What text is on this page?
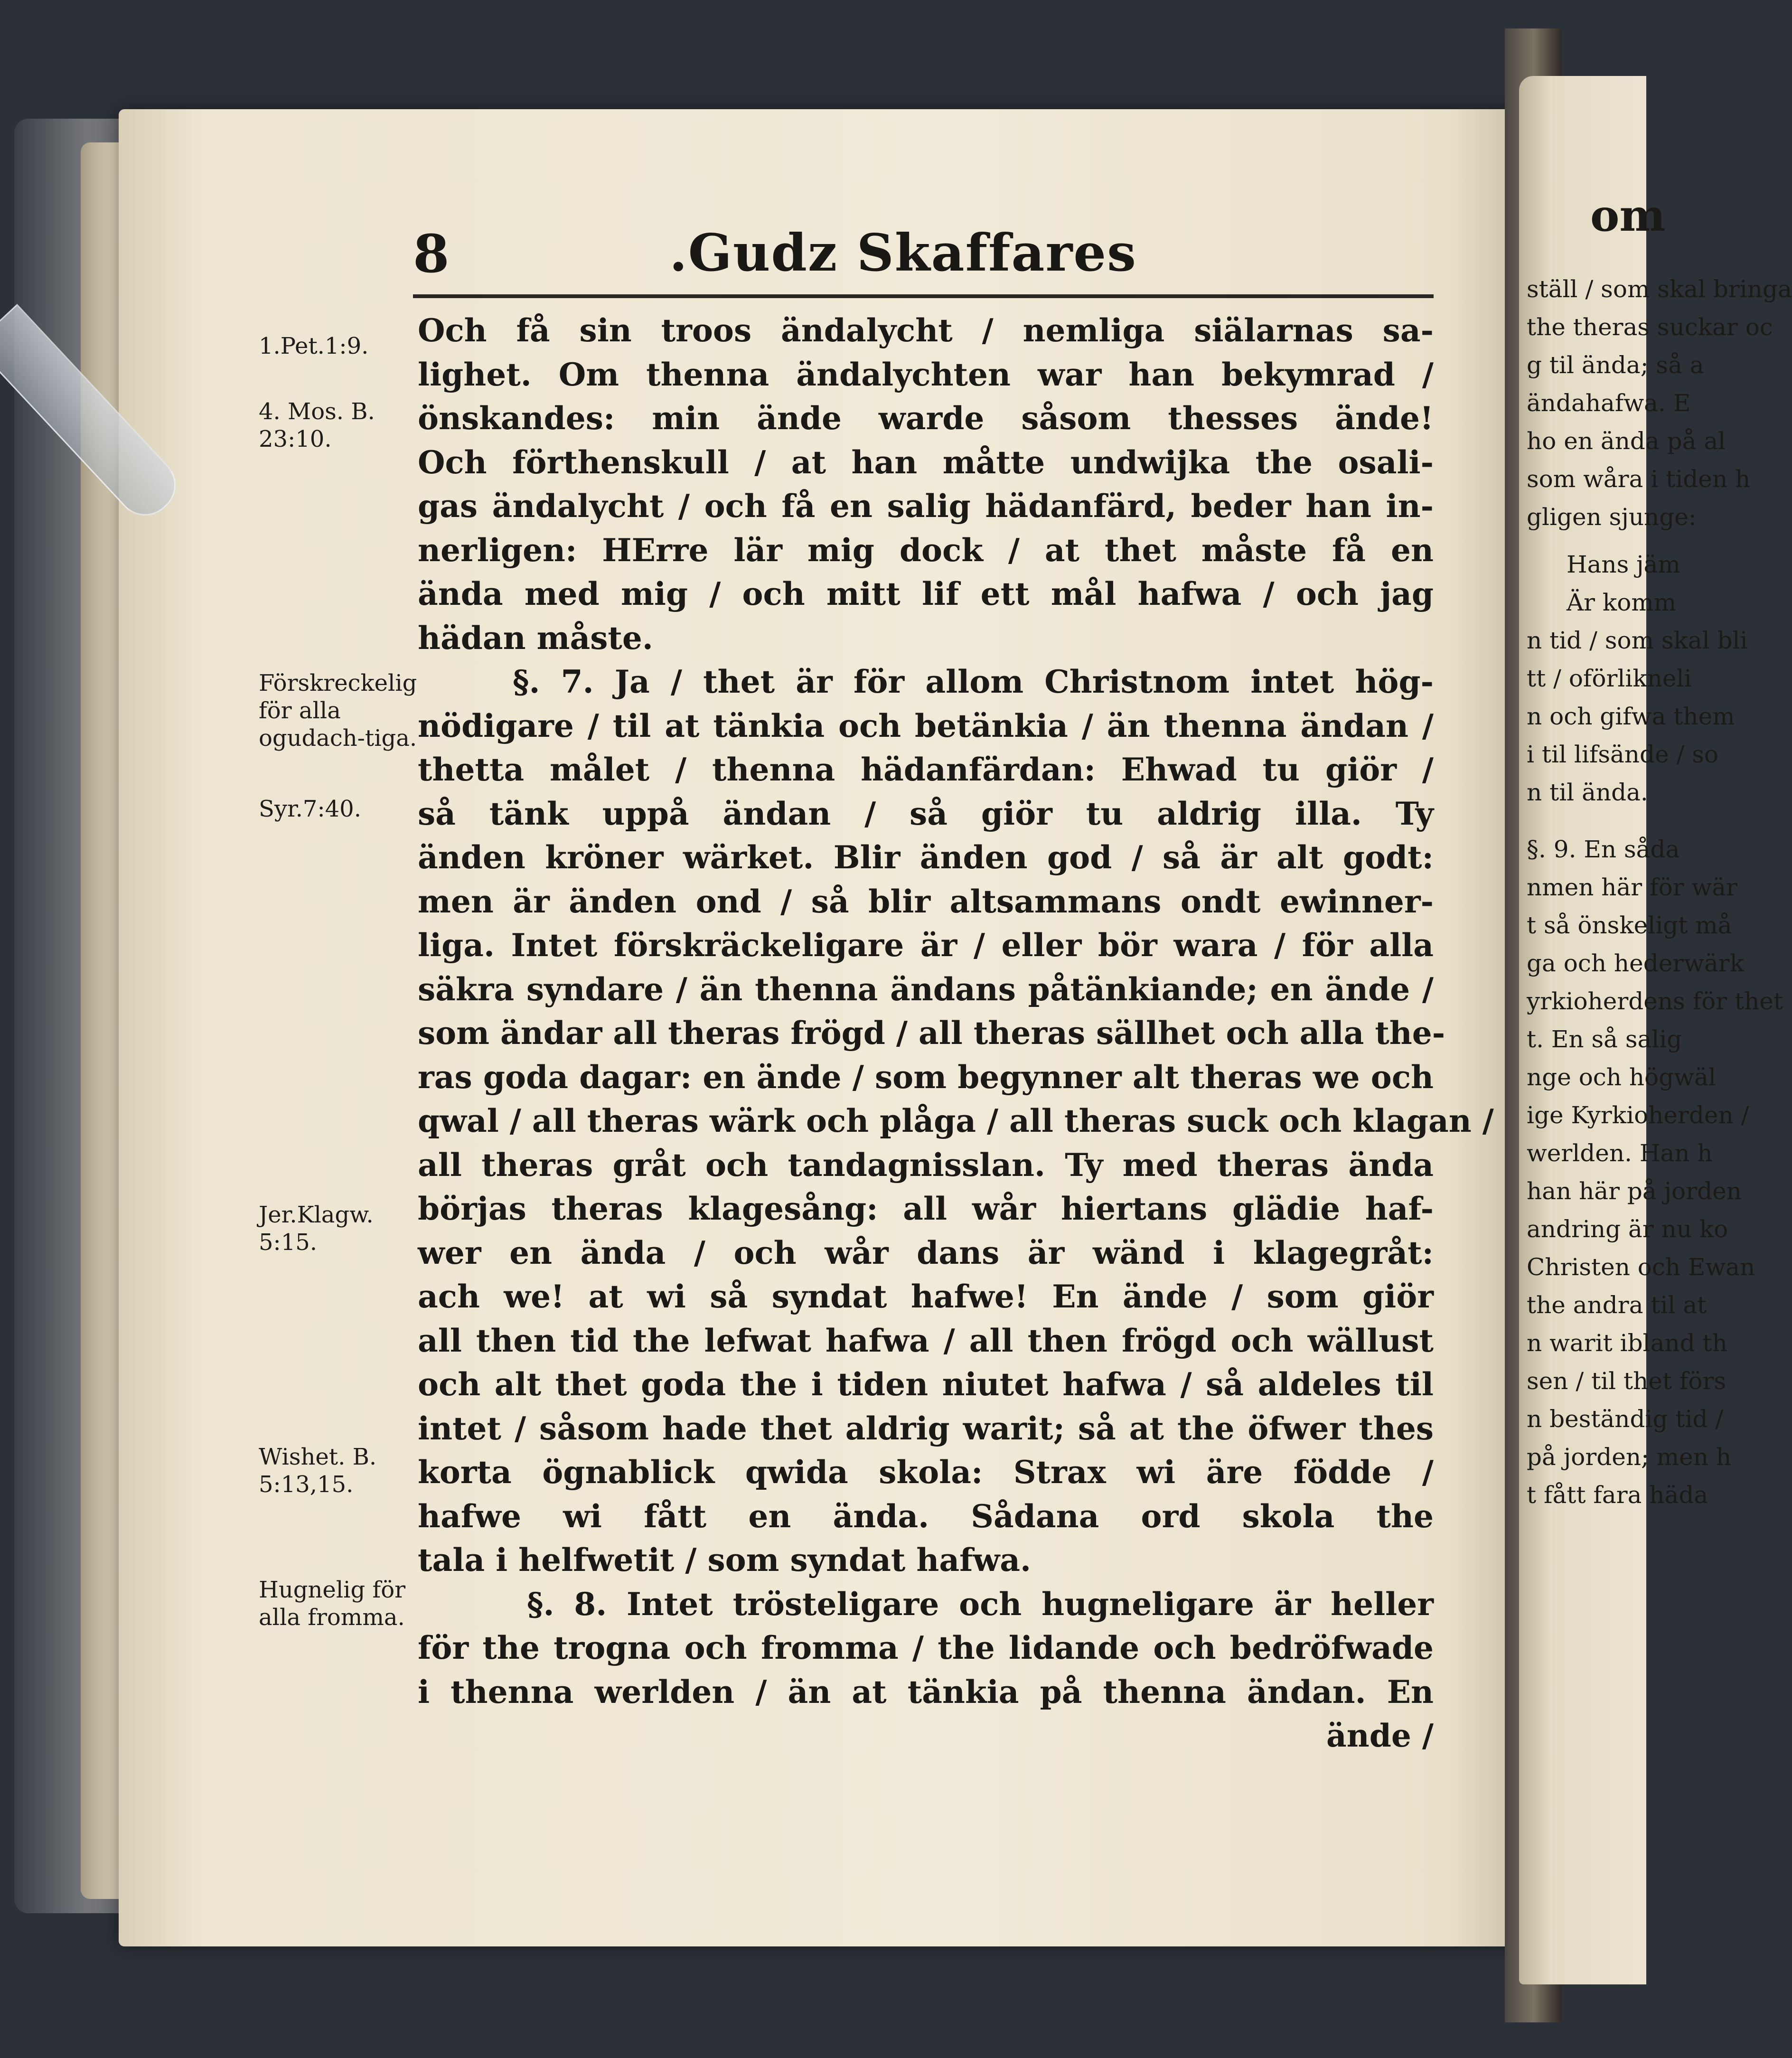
8	.Gudz Skaffares
1.Pet.1:9.
4. Mos. B.
23:10.
Förskreckelig för alla ogudach-tiga.
Syr.7:40.
Jer.Klagw.
5:15.
Wishet. B.
5:13,15.
Hugnelig för alla fromma.
Och få sin troos ändalycht / nemliga siälarnas sa-
lighet. Om thenna ändalychten war han bekymrad /
önskandes: min ände warde såsom thesses ände!
Och förthenskull / at han måtte undwijka the osali-
gas ändalycht / och få en salig hädanfärd, beder han in-
nerligen: HErre lär mig dock / at thet måste få en
ända med mig / och mitt lif ett mål hafwa / och jag
hädan måste.
§. 7. Ja / thet är för allom Christnom intet hög-
nödigare / til at tänkia och betänkia / än thenna ändan /
thetta målet / thenna hädanfärdan: Ehwad tu giör /
så tänk uppå ändan / så giör tu aldrig illa. Ty
änden kröner wärket. Blir änden god / så är alt godt:
men är änden ond / så blir altsammans ondt ewinner-
liga. Intet förskräckeligare är / eller bör wara / för alla
säkra syndare / än thenna ändans påtänkiande; en ände /
som ändar all theras frögd / all theras sällhet och alla the-
ras goda dagar: en ände / som begynner alt theras we och
qwal / all theras wärk och plåga / all theras suck och klagan /
all theras gråt och tandagnisslan. Ty med theras ända
börjas theras klagesång: all wår hiertans glädie haf-
wer en ända / och wår dans är wänd i klagegråt:
ach we! at wi så syndat hafwe! En ände / som giör
all then tid the lefwat hafwa / all then frögd och wällust
och alt thet goda the i tiden niutet hafwa / så aldeles til
intet / såsom hade thet aldrig warit; så at the öfwer thes
korta ögnablick qwida skola: Strax wi äre födde /
hafwe wi fått en ända. Sådana ord skola the
tala i helfwetit / som syndat hafwa.
§. 8. Intet tröstеligare och hugneligare är heller
för the trogna och fromma / the lidande och bedröfwade
i thenna werlden / än at tänkia på thenna ändan. En
ände /
om
ställ / som skal bringa
the theras suckar oc
g til ända; så a
ändahafwa. E
ho en ända på al
som wåra i tiden h
gligen sjunge:
Hans jäm
Är komm
n tid / som skal bli
tt / oförlikneli
n och gifwa them
i til lifsände / so
n til ända.
§. 9. En såda
nmen här för wär
t så önskeligt må
ga och hederwärk
yrkioherdens för thet
t. En så salig
nge och högwäl
ige Kyrkioherden /
werlden. Han h
han här på jorden
andring är nu ko
Christen och Ewan
the andra til at
n warit ibland th
sen / til thet förs
n beständig tid /
på jorden; men h
t fått fara häda
